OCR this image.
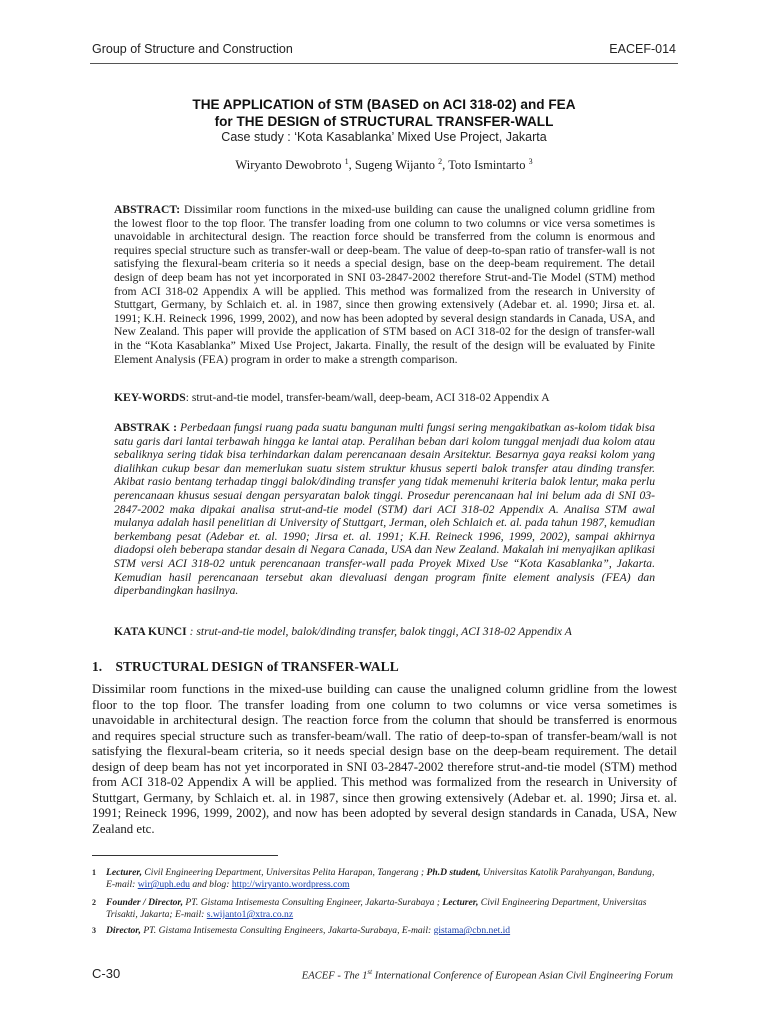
Group of Structure and Construction	EACEF-014
THE APPLICATION of STM (BASED on ACI 318-02) and FEA
for THE DESIGN of STRUCTURAL TRANSFER-WALL
Case study : ‘Kota Kasablanka’ Mixed Use Project, Jakarta
Wiryanto Dewobroto $^1$, Sugeng Wijanto $^2$, Toto Ismintarto $^3$
ABSTRACT: Dissimilar room functions in the mixed-use building can cause the unaligned column gridline from the lowest floor to the top floor. The transfer loading from one column to two columns or vice versa sometimes is unavoidable in architectural design. The reaction force should be transferred from the column is enormous and requires special structure such as transfer-wall or deep-beam. The value of deep-to-span ratio of transfer-wall is not satisfying the flexural-beam criteria so it needs a special design, base on the deep-beam requirement. The detail design of deep beam has not yet incorporated in SNI 03-2847-2002 therefore Strut-and-Tie Model (STM) method from ACI 318-02 Appendix A will be applied. This method was formalized from the research in University of Stuttgart, Germany, by Schlaich et. al. in 1987, since then growing extensively (Adebar et. al. 1990; Jirsa et. al. 1991; K.H. Reineck 1996, 1999, 2002), and now has been adopted by several design standards in Canada, USA, and New Zealand. This paper will provide the application of STM based on ACI 318-02 for the design of transfer-wall in the “Kota Kasablanka” Mixed Use Project, Jakarta. Finally, the result of the design will be evaluated by Finite Element Analysis (FEA) program in order to make a strength comparison.
KEY-WORDS: strut-and-tie model, transfer-beam/wall, deep-beam, ACI 318-02 Appendix A
ABSTRAK : Perbedaan fungsi ruang pada suatu bangunan multi fungsi sering mengakibatkan as-kolom tidak bisa satu garis dari lantai terbawah hingga ke lantai atap. Peralihan beban dari kolom tunggal menjadi dua kolom atau sebaliknya sering tidak bisa terhindarkan dalam perencanaan desain Arsitektur. Besarnya gaya reaksi kolom yang dialihkan cukup besar dan memerlukan suatu sistem struktur khusus seperti balok transfer atau dinding transfer. Akibat rasio bentang terhadap tinggi balok/dinding transfer yang tidak memenuhi kriteria balok lentur, maka perlu perencanaan khusus sesuai dengan persyaratan balok tinggi. Prosedur perencanaan hal ini belum ada di SNI 03-2847-2002 maka dipakai analisa strut-and-tie model (STM) dari ACI 318-02 Appendix A. Analisa STM awal mulanya adalah hasil penelitian di University of Stuttgart, Jerman, oleh Schlaich et. al. pada tahun 1987, kemudian berkembang pesat (Adebar et. al. 1990; Jirsa et. al. 1991; K.H. Reineck 1996, 1999, 2002), sampai akhirnya diadopsi oleh beberapa standar desain di Negara Canada, USA dan New Zealand. Makalah ini menyajikan aplikasi STM versi ACI 318-02 untuk perencanaan transfer-wall pada Proyek Mixed Use “Kota Kasablanka”, Jakarta. Kemudian hasil perencanaan tersebut akan dievaluasi dengan program finite element analysis (FEA) dan diperbandingkan hasilnya.
KATA KUNCI : strut-and-tie model, balok/dinding transfer, balok tinggi, ACI 318-02 Appendix A
1. STRUCTURAL DESIGN of TRANSFER-WALL
Dissimilar room functions in the mixed-use building can cause the unaligned column gridline from the lowest floor to the top floor. The transfer loading from one column to two columns or vice versa sometimes is unavoidable in architectural design. The reaction force from the column that should be transferred is enormous and requires special structure such as transfer-beam/wall. The ratio of deep-to-span of transfer-beam/wall is not satisfying the flexural-beam criteria, so it needs special design base on the deep-beam requirement. The detail design of deep beam has not yet incorporated in SNI 03-2847-2002 therefore strut-and-tie model (STM) method from ACI 318-02 Appendix A will be applied. This method was formalized from the research in University of Stuttgart, Germany, by Schlaich et. al. in 1987, since then growing extensively (Adebar et. al. 1990; Jirsa et. al. 1991; Reineck 1996, 1999, 2002), and now has been adopted by several design standards in Canada, USA, New Zealand etc.
1 Lecturer, Civil Engineering Department, Universitas Pelita Harapan, Tangerang ; Ph.D student, Universitas Katolik Parahyangan, Bandung, E-mail: wir@uph.edu and blog: http://wiryanto.wordpress.com
2 Founder / Director, PT. Gistama Intisemesta Consulting Engineer, Jakarta-Surabaya ; Lecturer, Civil Engineering Department, Universitas Trisakti, Jakarta; E-mail: s.wijanto1@xtra.co.nz
3 Director, PT. Gistama Intisemesta Consulting Engineers, Jakarta-Surabaya, E-mail: gistama@cbn.net.id
C-30	EACEF - The 1st International Conference of European Asian Civil Engineering Forum
